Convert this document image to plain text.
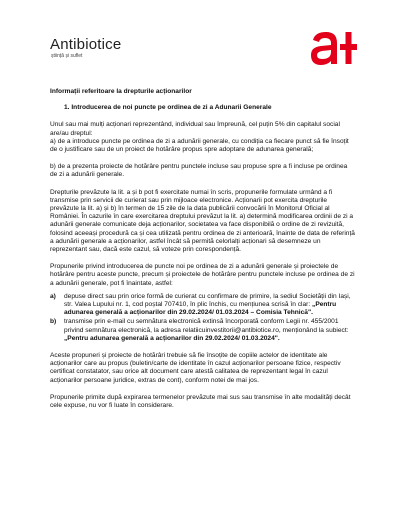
Antibiotice
știință și suflet

Informații referitoare la drepturile acționarilor

1. Introducerea de noi puncte pe ordinea de zi a Adunarii Generale

Unul sau mai mulți acționari reprezentând, individual sau împreună, cel puțin 5% din capitalul social are/au dreptul:

a) de a introduce puncte pe ordinea de zi a adunării generale, cu condiția ca fiecare punct să fie însoțit de o justificare sau de un proiect de hotărâre propus spre adoptare de adunarea generală;

b) de a prezenta proiecte de hotărâre pentru punctele incluse sau propuse spre a fi incluse pe ordinea de zi a adunării generale.

Drepturile prevăzute la lit. a și b pot fi exercitate numai în scris, propunerile formulate urmând a fi transmise prin servicii de curierat sau prin mijloace electronice. Acționarii pot exercita drepturile prevăzute la lit. a) și b) în termen de 15 zile de la data publicării convocării în Monitorul Oficial al României. În cazurile în care exercitarea dreptului prevăzut la lit. a) determină modificarea ordinii de zi a adunării generale comunicate deja acționarilor, societatea va face disponibilă o ordine de zi revizuită, folosind aceeași procedură ca și cea utilizată pentru ordinea de zi anterioară, înainte de data de referință a adunării generale a acționarilor, astfel încât să permită celorlalți acționari să desemneze un reprezentant sau, dacă este cazul, să voteze prin corespondență.

Propunerile privind introducerea de puncte noi pe ordinea de zi a adunării generale și proiectele de hotărâre pentru aceste puncte, precum și proiectele de hotărâre pentru punctele incluse pe ordinea de zi a adunării generale, pot fi înaintate, astfel:

a)	depuse direct sau prin orice formă de curierat cu confirmare de primire, la sediul Societății din Iași, str. Valea Lupului nr. 1, cod poștal 707410, în plic închis, cu mențiunea scrisă în clar: „Pentru adunarea generală a acționarilor din 29.02.2024/ 01.03.2024 – Comisia Tehnică".
b)	transmise prin e-mail cu semnătura electronică extinsă încorporată conform Legii nr. 455/2001 privind semnătura electronică, la adresa relatiicuinvestitorii@antibiotice.ro, menționând la subiect: „Pentru adunarea generală a acționarilor din 29.02.2024/ 01.03.2024".

Aceste propuneri și proiecte de hotărâri trebuie să fie însoțite de copiile actelor de identitate ale acționarilor care au propus (buletin/carte de identitate în cazul acționarilor persoane fizice, respectiv certificat constatator, sau orice alt document care atestă calitatea de reprezentant legal în cazul acționarilor persoane juridice, extras de cont), conform notei de mai jos.

Propunerile primite după expirarea termenelor prevăzute mai sus sau transmise în alte modalități decât cele expuse, nu vor fi luate în considerare.
